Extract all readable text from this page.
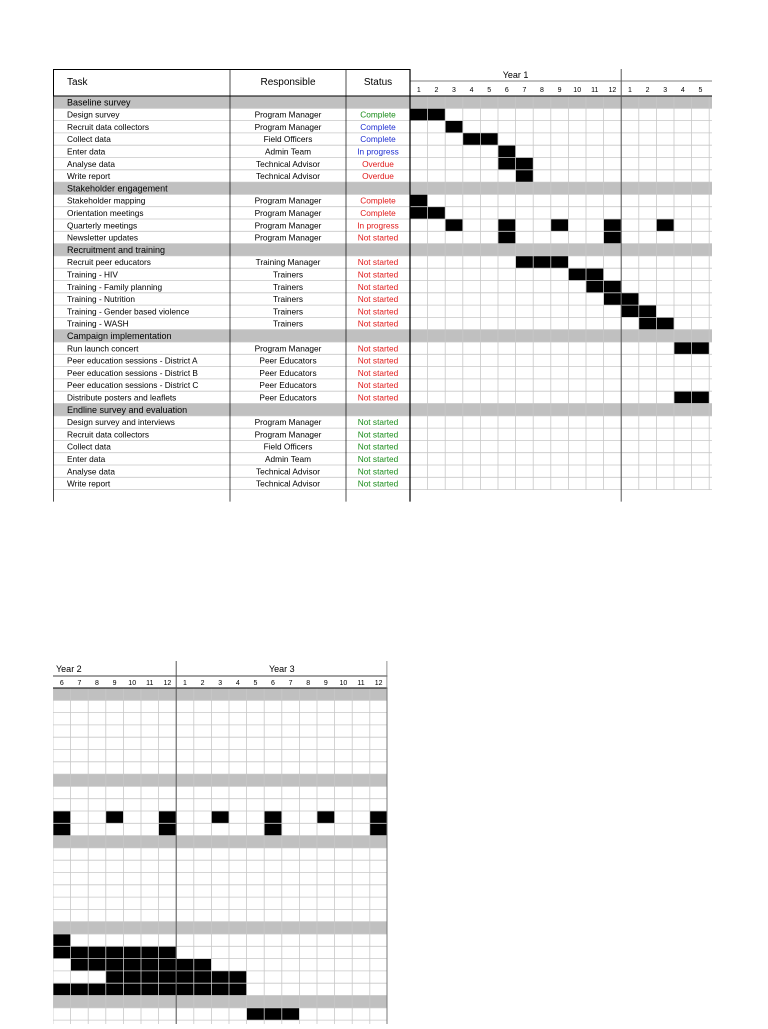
Task	Responsible	Status
Year 1
1 2 3 4 5 6 7 8 9 10 11 12 1 2 3 4 5
Baseline survey
Design survey	Program Manager	Complete
Recruit data collectors	Program Manager	Complete
Collect data	Field Officers	Complete
Enter data	Admin Team	In progress
Analyse data	Technical Advisor	Overdue
Write report	Technical Advisor	Overdue
Stakeholder engagement
Stakeholder mapping	Program Manager	Complete
Orientation meetings	Program Manager	Complete
Quarterly meetings	Program Manager	In progress
Newsletter updates	Program Manager	Not started
Recruitment and training
Recruit peer educators	Training Manager	Not started
Training - HIV	Trainers	Not started
Training - Family planning	Trainers	Not started
Training - Nutrition	Trainers	Not started
Training - Gender based violence	Trainers	Not started
Training - WASH	Trainers	Not started
Campaign implementation
Run launch concert	Program Manager	Not started
Peer education sessions - District A	Peer Educators	Not started
Peer education sessions - District B	Peer Educators	Not started
Peer education sessions - District C	Peer Educators	Not started
Distribute posters and leaflets	Peer Educators	Not started
Endline survey and evaluation
Design survey and interviews	Program Manager	Not started
Recruit data collectors	Program Manager	Not started
Collect data	Field Officers	Not started
Enter data	Admin Team	Not started
Analyse data	Technical Advisor	Not started
Write report	Technical Advisor	Not started
Year 2	Year 3
6 7 8 9 10 11 12 1 2 3 4 5 6 7 8 9 10 11 12
